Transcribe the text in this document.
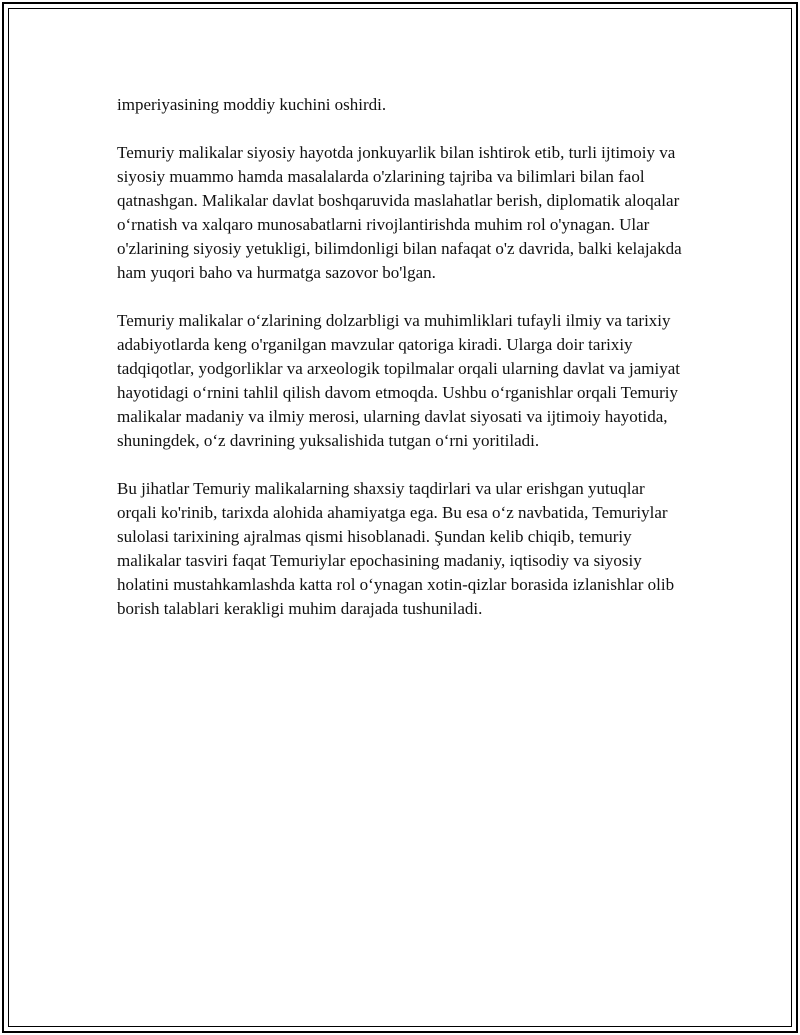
imperiyasining moddiy kuchini oshirdi.

Temuriy malikalar siyosiy hayotda jonkuyarlik bilan ishtirok etib, turli ijtimoiy va siyosiy muammo hamda masalalarda o'zlarining tajriba va bilimlari bilan faol qatnashgan. Malikalar davlat boshqaruvida maslahatlar berish, diplomatik aloqalar o‘rnatish va xalqaro munosabatlarni rivojlantirishda muhim rol o'ynagan. Ular o'zlarining siyosiy yetukligi, bilimdonligi bilan nafaqat o'z davrida, balki kelajakda ham yuqori baho va hurmatga sazovor bo'lgan.

Temuriy malikalar o‘zlarining dolzarbligi va muhimliklari tufayli ilmiy va tarixiy adabiyotlarda keng o'rganilgan mavzular qatoriga kiradi. Ularga doir tarixiy tadqiqotlar, yodgorliklar va arxeologik topilmalar orqali ularning davlat va jamiyat hayotidagi o‘rnini tahlil qilish davom etmoqda. Ushbu o‘rganishlar orqali Temuriy malikalar madaniy va ilmiy merosi, ularning davlat siyosati va ijtimoiy hayotida, shuningdek, o‘z davrining yuksalishida tutgan o‘rni yoritiladi.

Bu jihatlar Temuriy malikalarning shaxsiy taqdirlari va ular erishgan yutuqlar orqali ko'rinib, tarixda alohida ahamiyatga ega. Bu esa o‘z navbatida, Temuriylar sulolasi tarixining ajralmas qismi hisoblanadi. Şundan kelib chiqib, temuriy malikalar tasviri faqat Temuriylar epochasining madaniy, iqtisodiy va siyosiy holatini mustahkamlashda katta rol o‘ynagan xotin-qizlar borasida izlanishlar olib borish talablari kerakligi muhim darajada tushuniladi.
